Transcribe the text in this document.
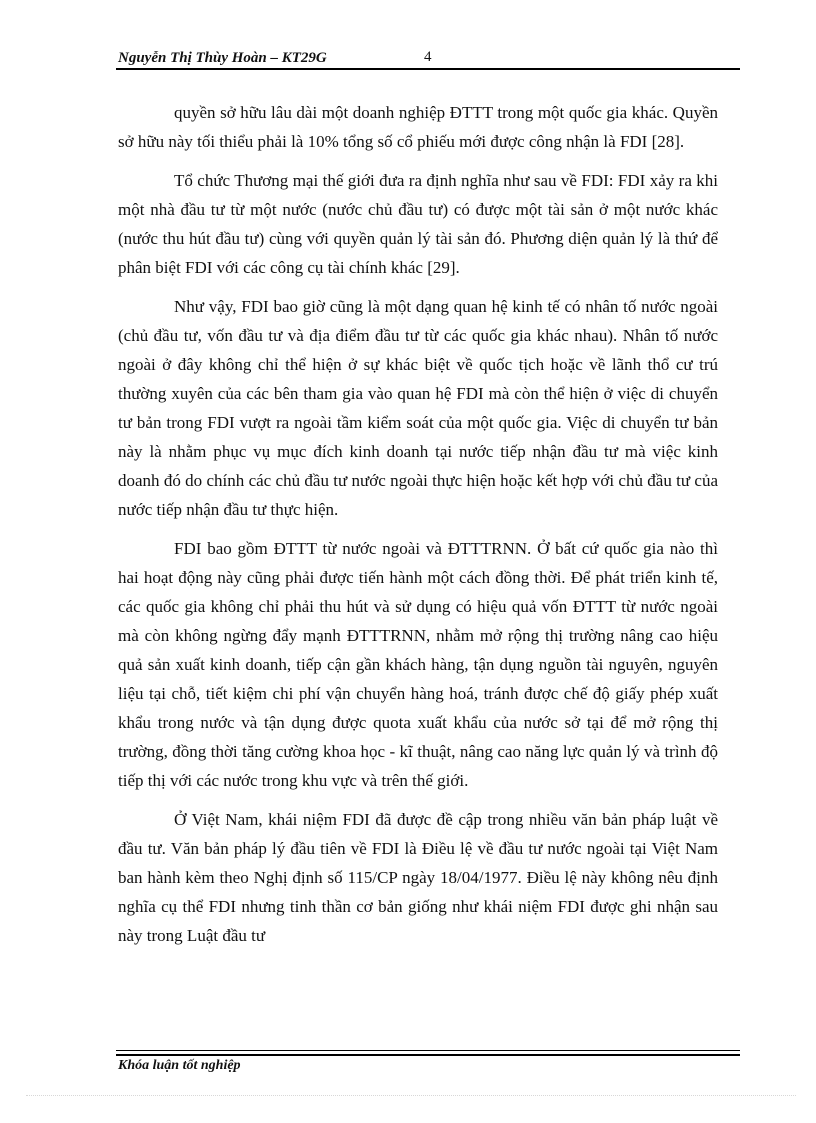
Nguyễn Thị Thùy Hoàn – KT29G	4

quyền sở hữu lâu dài một doanh nghiệp ĐTTT trong một quốc gia khác. Quyền sở hữu này tối thiểu phải là 10% tổng số cổ phiếu mới được công nhận là FDI [28].

Tổ chức Thương mại thế giới đưa ra định nghĩa như sau về FDI: FDI xảy ra khi một nhà đầu tư từ một nước (nước chủ đầu tư) có được một tài sản ở một nước khác (nước thu hút đầu tư) cùng với quyền quản lý tài sản đó. Phương diện quản lý là thứ để phân biệt FDI với các công cụ tài chính khác [29].

Như vậy, FDI bao giờ cũng là một dạng quan hệ kinh tế có nhân tố nước ngoài (chủ đầu tư, vốn đầu tư và địa điểm đầu tư từ các quốc gia khác nhau). Nhân tố nước ngoài ở đây không chỉ thể hiện ở sự khác biệt về quốc tịch hoặc về lãnh thổ cư trú thường xuyên của các bên tham gia vào quan hệ FDI mà còn thể hiện ở việc di chuyển tư bản trong FDI vượt ra ngoài tầm kiểm soát của một quốc gia. Việc di chuyển tư bản này là nhằm phục vụ mục đích kinh doanh tại nước tiếp nhận đầu tư mà việc kinh doanh đó do chính các chủ đầu tư nước ngoài thực hiện hoặc kết hợp với chủ đầu tư của nước tiếp nhận đầu tư thực hiện.

FDI bao gồm ĐTTT từ nước ngoài và ĐTTTRNN. Ở bất cứ quốc gia nào thì hai hoạt động này cũng phải được tiến hành một cách đồng thời. Để phát triển kinh tế, các quốc gia không chỉ phải thu hút và sử dụng có hiệu quả vốn ĐTTT từ nước ngoài mà còn không ngừng đẩy mạnh ĐTTTRNN, nhằm mở rộng thị trường nâng cao hiệu quả sản xuất kinh doanh, tiếp cận gần khách hàng, tận dụng nguồn tài nguyên, nguyên liệu tại chỗ, tiết kiệm chi phí vận chuyển hàng hoá, tránh được chế độ giấy phép xuất khẩu trong nước và tận dụng được quota xuất khẩu của nước sở tại để mở rộng thị trường, đồng thời tăng cường khoa học - kĩ thuật, nâng cao năng lực quản lý và trình độ tiếp thị với các nước trong khu vực và trên thế giới.

Ở Việt Nam, khái niệm FDI đã được đề cập trong nhiều văn bản pháp luật về đầu tư. Văn bản pháp lý đầu tiên về FDI là Điều lệ về đầu tư nước ngoài tại Việt Nam ban hành kèm theo Nghị định số 115/CP ngày 18/04/1977. Điều lệ này không nêu định nghĩa cụ thể FDI nhưng tinh thần cơ bản giống như khái niệm FDI được ghi nhận sau này trong Luật đầu tư

Khóa luận tốt nghiệp
